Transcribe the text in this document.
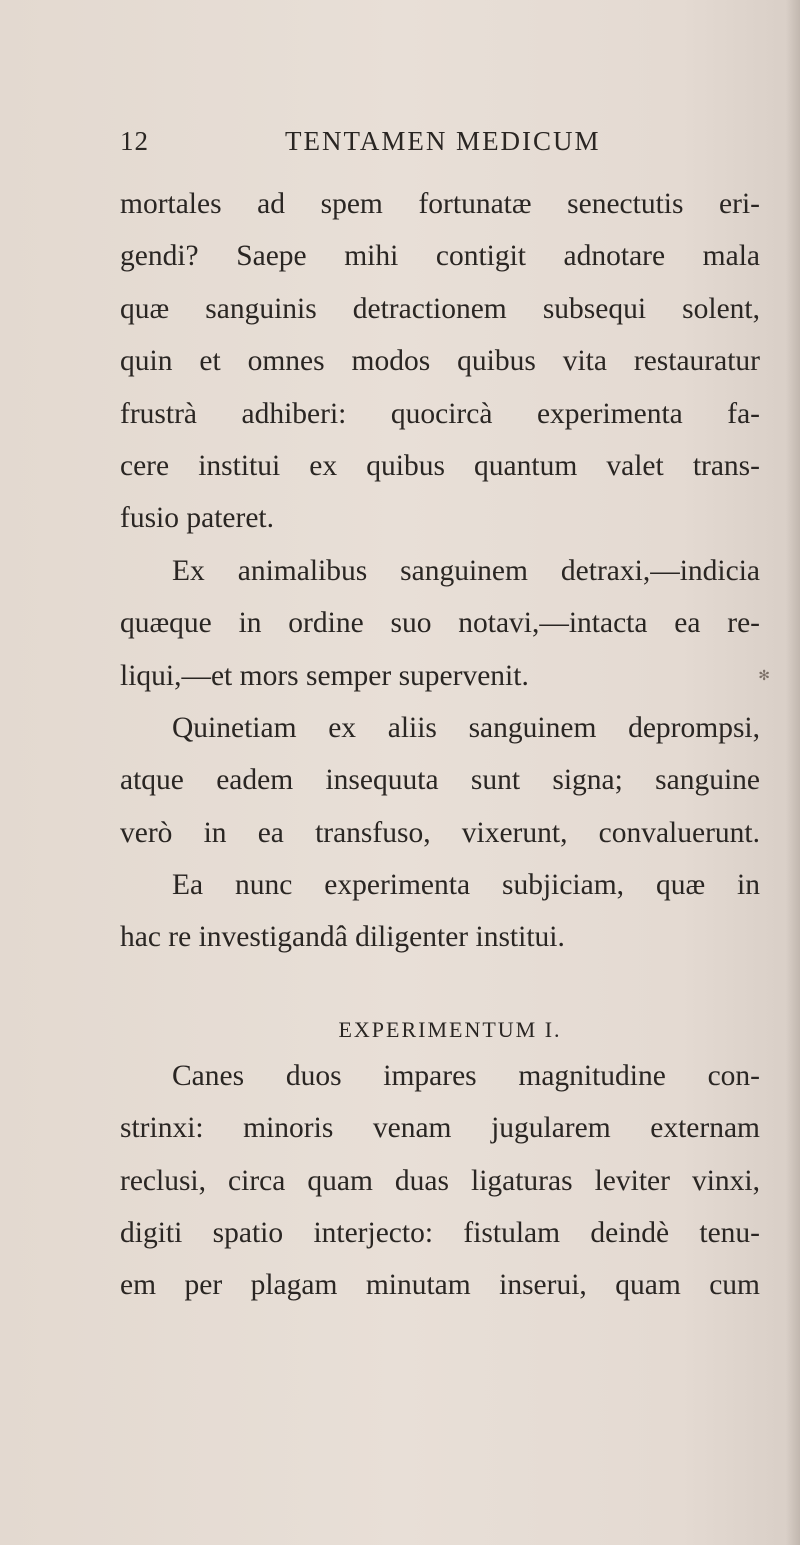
12	TENTAMEN MEDICUM
mortales ad spem fortunatæ senectutis eri-
gendi? Saepe mihi contigit adnotare mala
quæ sanguinis detractionem subsequi solent,
quin et omnes modos quibus vita restauratur
frustrà adhiberi: quocircà experimenta fa-
cere institui ex quibus quantum valet trans-
fusio pateret.
Ex animalibus sanguinem detraxi,—indicia
quæque in ordine suo notavi,—intacta ea re-
liqui,—et mors semper supervenit.
Quinetiam ex aliis sanguinem deprompsi,
atque eadem insequuta sunt signa; sanguine
verò in ea transfuso, vixerunt, convaluerunt.
Ea nunc experimenta subjiciam, quæ in
hac re investigandâ diligenter institui.
EXPERIMENTUM I.
Canes duos impares magnitudine con-
strinxi: minoris venam jugularem externam
reclusi, circa quam duas ligaturas leviter vinxi,
digiti spatio interjecto: fistulam deindè tenu-
em per plagam minutam inserui, quam cum
✻
